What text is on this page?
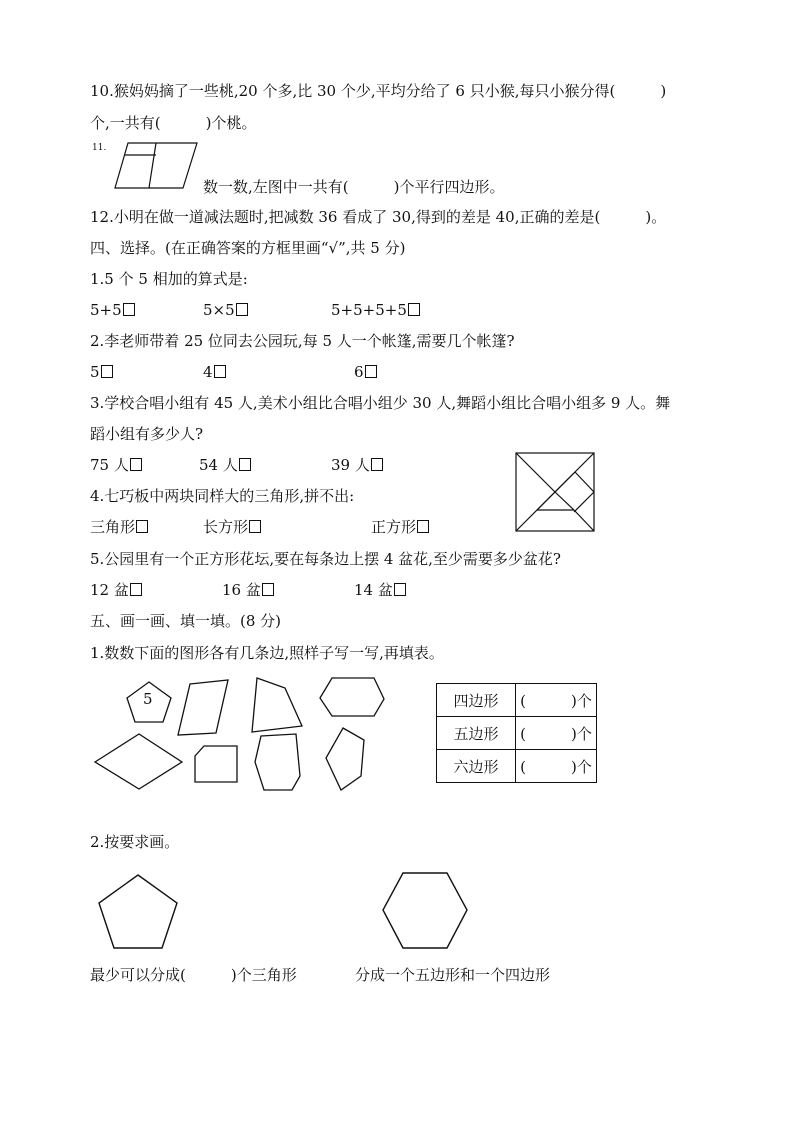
10.猴妈妈摘了一些桃,20 个多,比 30 个少,平均分给了 6 只小猴,每只小猴分得(　　　)
个,一共有(　　　)个桃。
11.
数一数,左图中一共有(　　　)个平行四边形。
12.小明在做一道减法题时,把减数 36 看成了 30,得到的差是 40,正确的差是(　　　)。
四、选择。(在正确答案的方框里画“√”,共 5 分)
1.5 个 5 相加的算式是:
5+5	5×5	5+5+5+5
2.李老师带着 25 位同去公园玩,每 5 人一个帐篷,需要几个帐篷?
5	4	6
3.学校合唱小组有 45 人,美术小组比合唱小组少 30 人,舞蹈小组比合唱小组多 9 人。舞
蹈小组有多少人?
75 人	54 人	39 人
4.七巧板中两块同样大的三角形,拼不出:
三角形	长方形	正方形
5.公园里有一个正方形花坛,要在每条边上摆 4 盆花,至少需要多少盆花?
12 盆	16 盆	14 盆
五、画一画、填一填。(8 分)
1.数数下面的图形各有几条边,照样子写一写,再填表。
5	四边形	(　　　)个
五边形	(　　　)个
六边形	(　　　)个
2.按要求画。
最少可以分成(　　　)个三角形	分成一个五边形和一个四边形
